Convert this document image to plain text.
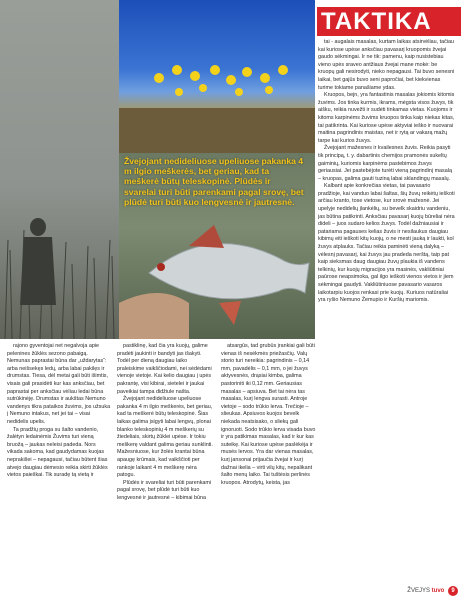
Žvejojant nedideliuose upeliuose pakanka 4 m ilgio meškerės, bet geriau, kad ta meškerė būtų teleskopinė. Plūdės ir svarelai turi būti parenkami pagal srovę, bet plūdė turi būti kuo lengvesnė ir jautresnė.
TAKTIKA

tai - augalais masalas, kurtam laikas atsirvėliau, tačiau kai kuriose upėse anksčiau pavasarį kruopomis žvejai gaudo sėkmingai. Ir ne tik: pamenu, kaip nusistebiau vieno upės sraveo antžiaus žvejai mane mokė: be kruopų gali nesirodyti, nieko nepagausi. Tai buvo senesni laikai, bet gajūs buvo seni papročiai, bet kiekvienas turime tokiame panašiame ydas.

Kruopos, bejn, yra fantastinis masalas jokiomis kitomis žuvims. Jos tinka kurmis, ikrams, mėgsta visos žuvys, tik aišku, reikia nuvežti ir sudėti tinkamas vietas. Kuojoms ir kitoms karpinėms žuvims kruopos tinka kaip niekas kitas, tai patikrinta. Kai kuriose upėse aktyviai ieško ir nuovarai maitina pagrindinis maistas, net ir rytą ar vakarą mažų tarpe kai kurios žuvys.

Žvejojant mažesnes ir kvailesnes žuvis. Reikia pasyti tik principą, t. y. dabartinis chemijos pramonės sukeltų gaiminių, kuriomis karpinėms pastebimos žuvys geriausiai. Jei pastebėjote turėti vieną pagrindinį masalą – kruopas, galima gauti tuziną labai sklandingų masalų.

Kalbant apie konkrečias vietas, tai pavasario pradžioje, kai vanduo labai šaltas, šių žuvų reikėtų ieškoti arčiau kranto, tose vietose, kur srovė mažesnė. Jei upelyje nedidelių įlankėlių, su bevelk skaidriu vandeniu, jas būtina patikrinti. Anksčiau pavasarį kuojų būreliai nėra dideli – juos sudaro kelios žuvys. Todėl dažniausiai ir patariama pagauses kelias žuvis ir nesilaukus daugiau kibimų eiti ieškoti kitų kuojų, o ne mesti jauką ir laukti, kol žuvys atplauks. Tačiau reikia paminėti vieną dalyką – vėlesnį pavasarį, kai žuvys jau pradeda nerštą, taip pat kaip sieksmas daug daugiau žuvų plaukia iš vandens telkinių, kur kuojų migracijos yra masinės, vakliūtiniai paūrose neapsimoka, gal ilgo ieškoti vienos vietos ir jiem sėkmingai gaudyti. Vakliūtiniuose pavasario vasaros laikotarpiu kuojos renkasi prie kuojų. Kuriuos natūraliai yra ryšio Nemuno Žemupio ir Kuršių mariomis.

rajono gyventojai net negalvoja apie pelenines žūklės sezono pabaigą. Nemunas paprastai būna dar „uždarytas“: arba neišsekęs ledų, arba labai pakilęs ir drumstas. Tiesa, dėl metai gali būti išimtis, visais gali prasidėti kur kas anksčiau, bet paprastai per anksčiau vėliau ledai būna sutrūkinėję. Drumstas ir aukštas Nemuno vandenys tikra pataikos žuvims, jos užsuka į Nemuno intakus, net jei tai – visai nedidelis upelis.

Ta pradžių proga su šalto vandenio, žalėtyn ledainėmis Žuvims turi vieną bruožą – jaukas neleisi padeda. Nors vikada sakoma, kad gaudydamas kuojas neprakišei – nepagausi, tačiau būtent šias atvejo daugiau dėmesio reikia skirti žūklės vietos paieškai. Tik suradę tą vietą ir

pastiklinę, kad čia yra kuojų, galime pradėti jaukinti ir bandyti jas išakyti. Todėl per dieną daugiau laiko praleiskime vaikščiodami, nei sėdėdami vienoje vietoje. Kai kelio daugiau į upės pakrantę, visi kibirai, sietelei ir jaukai paveikiai tampa didžiule našta.

Žvejojant nedideliuose upeliuose pakanka 4 m ilgio meškerės, bet geriau, kad ta meškerė būtų teleskopinė. Šias laikas galima įsigyti labai lengvų, plonai blanko teleskopinių 4 m meškerių su žiedeliais, skirtų žūklei upėse. Ir tokiu meškerę valdant galima geriau sunklinti. Mažesniuose, kur žolės krantai būna apaugę krūmais, kad vaikščioti per rankoje laikant 4 m meškerę nėra patogu.

Plūdės ir svareliai turi būti parenkami pagal srovę, bet plūdė turi būti kuo lengvesnė ir jautresnė – kibimai būna

atsargūs, tad grubūs įrankiai gali būti vienas iš nesėkmės priežasčių. Valų storio turi nereikia: pagrindinis – 0,14 mm, pavadėlis – 0,1 mm, o jei žuvys aktyvesnės, drąsiai kimba, galima pastoriniti iki 0,12 mm. Geriausias masalas – apsiuva. Bet tai nėra tas masalas, kurį lengva surasti. Antroje vietoje – sodo trūkio lerva. Trečioje – slieukas. Apsiuvos kuojos bevelk niekada neatsisako, o sliekų gali ignoruoti. Sodo trūkio lerva visada buvo ir yra patikimas masalas, kad ir kur kas suteikę. Kai kuriose upėse paslėkėja ir musės lervos. Yra dar vienas masalas, kurį jansonai prijaučia žvejai ir kurį dažnai ikelia – virti vilų kitų, nepalikant šalto menų laiko. Tai tuštėsis perlinės kruopos. Atrodytų, keista, jas

ŽVEJYS tuvo 9
